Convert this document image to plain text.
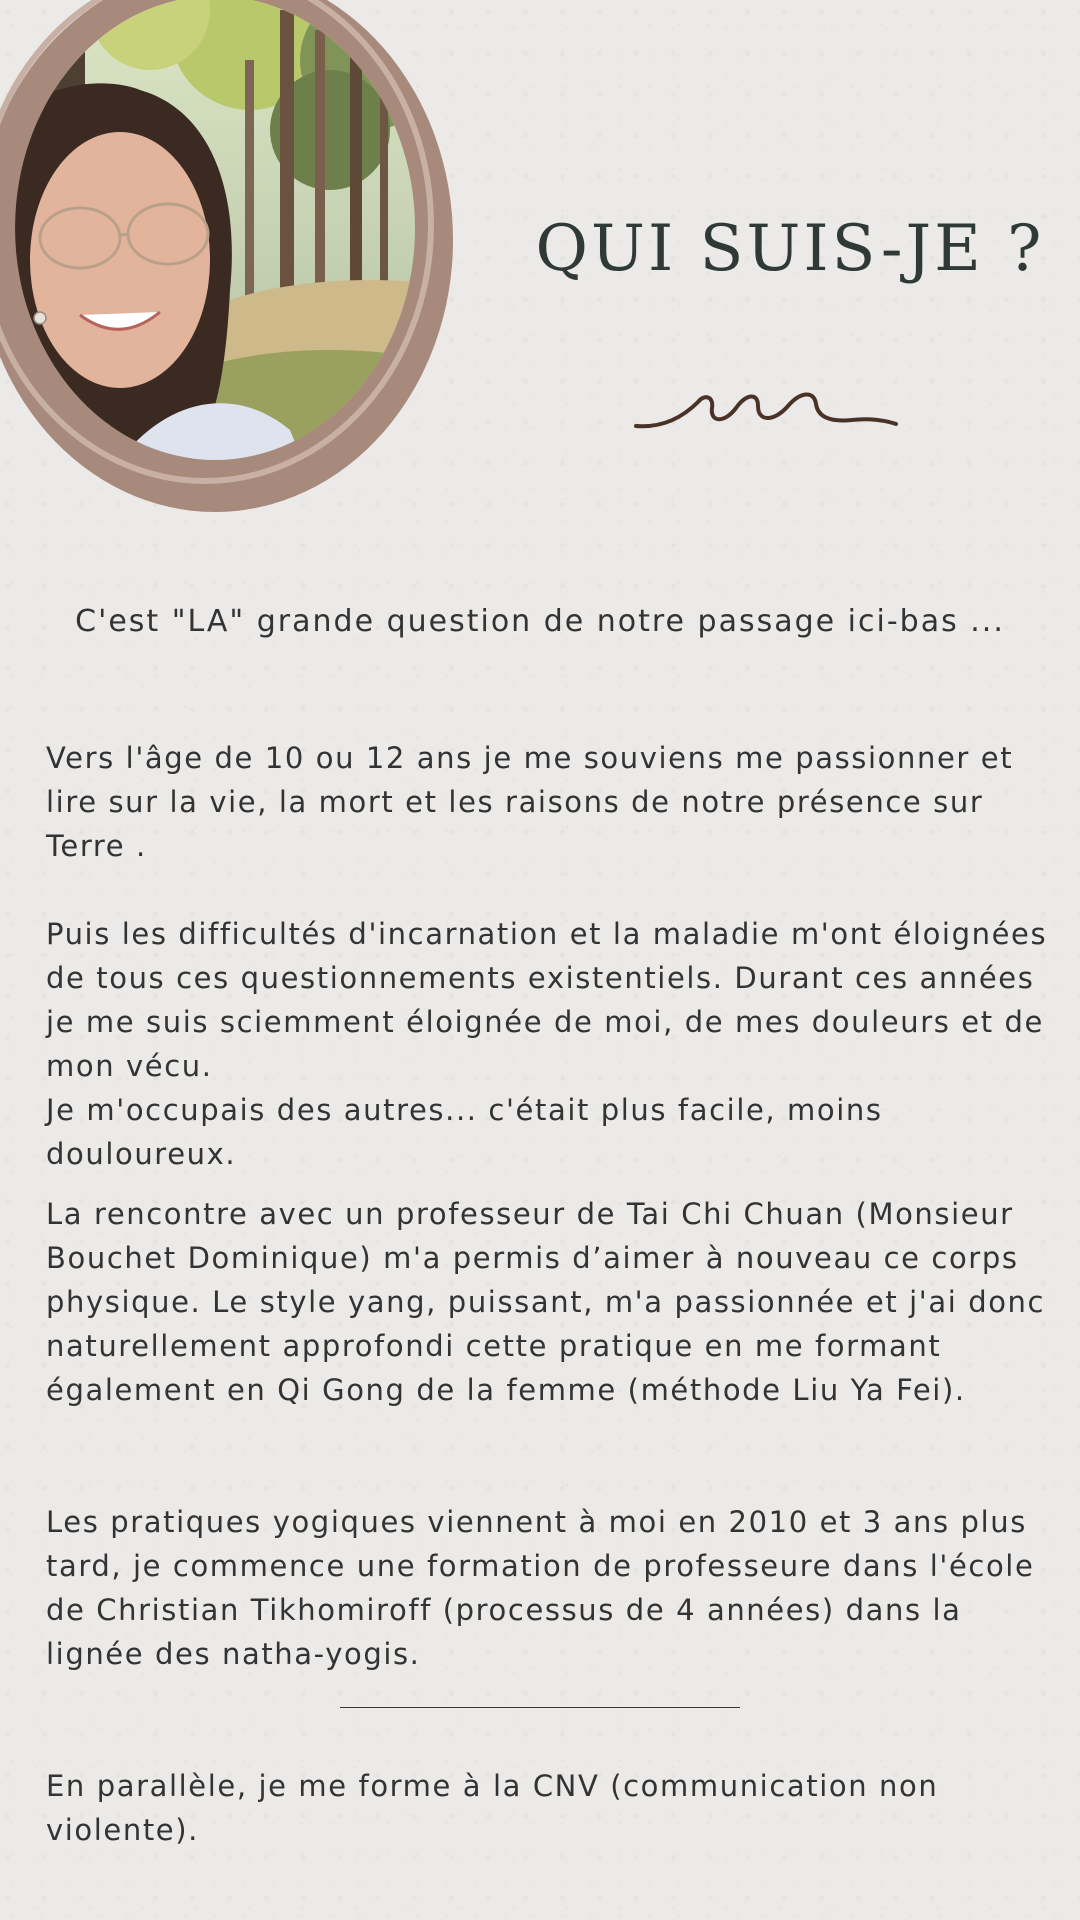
QUI SUIS-JE ?

C'est "LA" grande question de notre passage ici-bas ...

Vers l'âge de 10 ou 12 ans je me souviens me passionner et lire sur la vie, la mort et les raisons de notre présence sur Terre .

Puis les difficultés d'incarnation et la maladie m'ont éloignées de tous ces questionnements existentiels. Durant ces années je me suis sciemment éloignée de moi, de mes douleurs et de mon vécu.
Je m'occupais des autres... c'était plus facile, moins douloureux.

La rencontre avec un professeur de Tai Chi Chuan (Monsieur Bouchet Dominique) m'a permis d’aimer à nouveau ce corps physique. Le style yang, puissant, m'a passionnée et j'ai donc naturellement approfondi cette pratique en me formant également en Qi Gong de la femme (méthode Liu Ya Fei).

Les pratiques yogiques viennent à moi en 2010 et 3 ans plus tard, je commence une formation de professeure dans l'école de Christian Tikhomiroff (processus de 4 années) dans la lignée des natha-yogis.

En parallèle, je me forme à la CNV (communication non violente).
